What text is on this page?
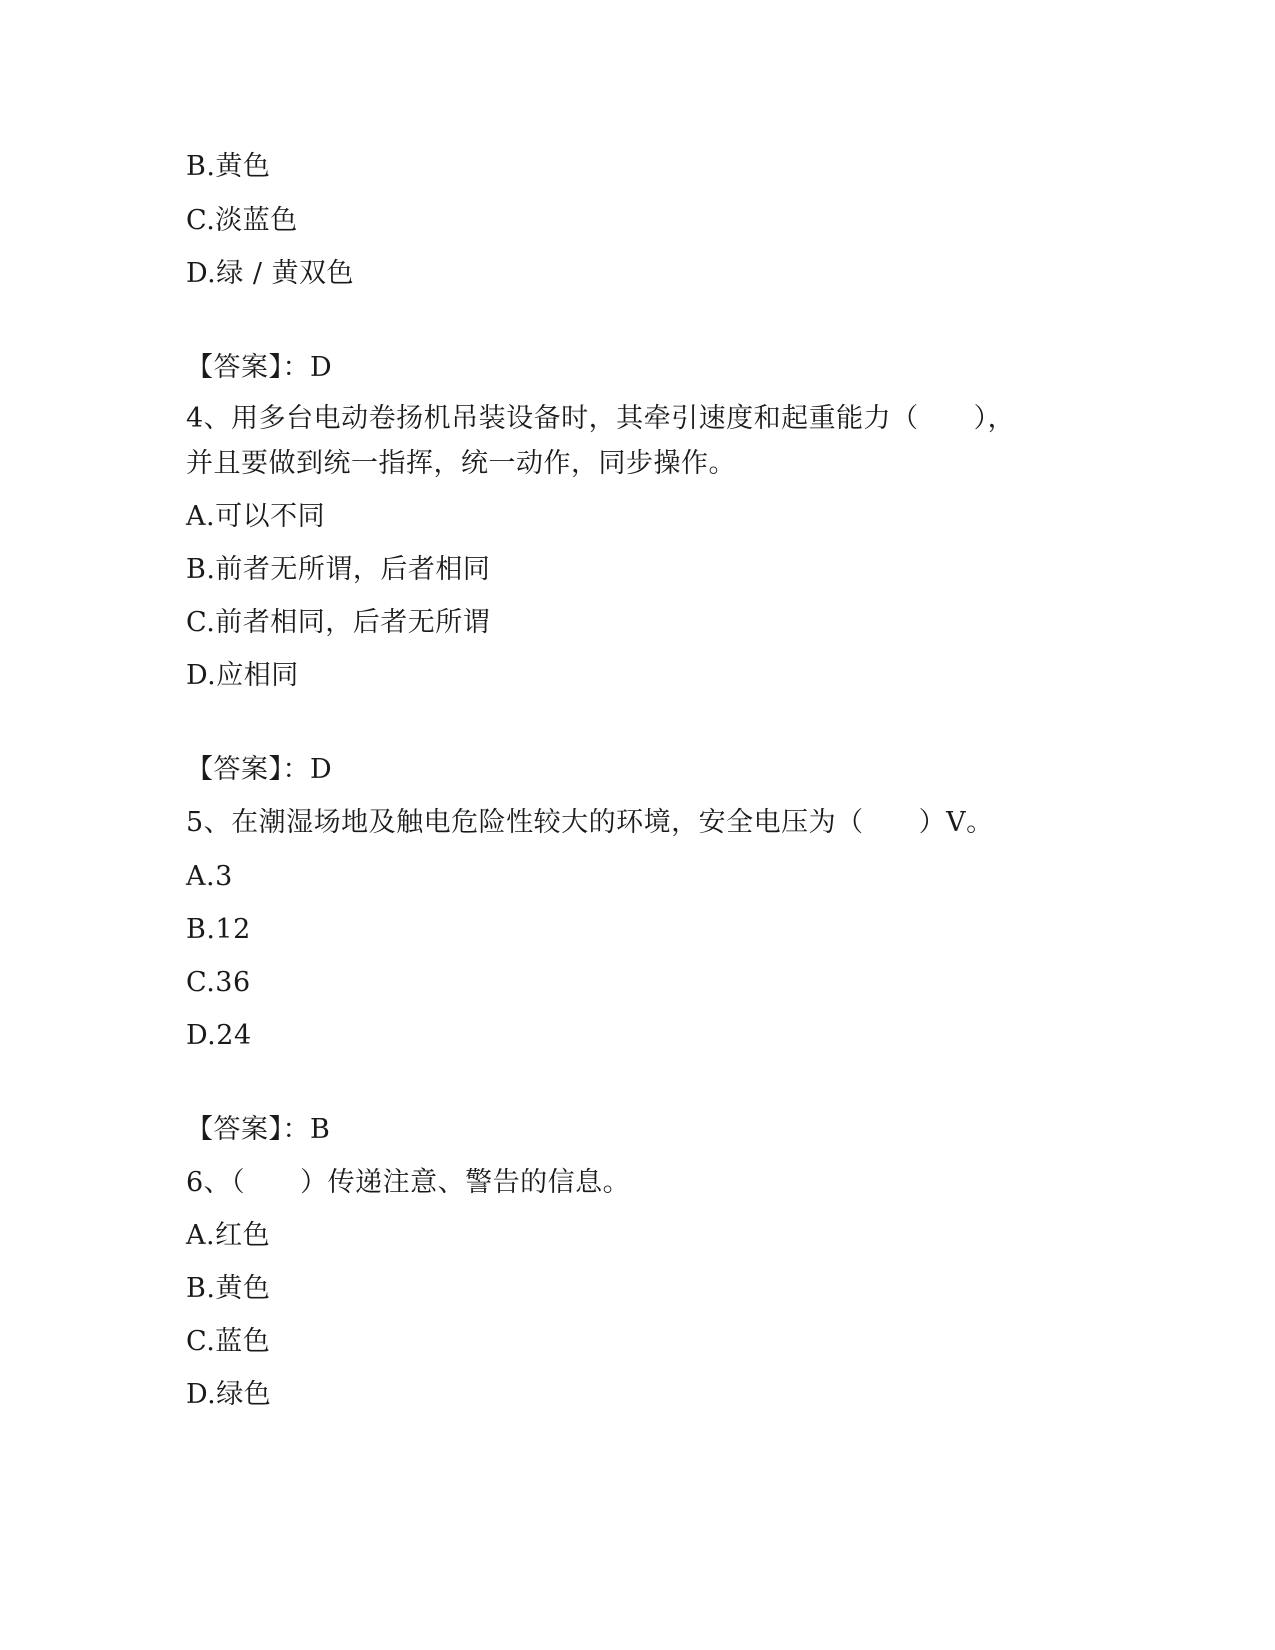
B.黄色
C.淡蓝色
D.绿 / 黄双色
【答案】：D
4、用多台电动卷扬机吊装设备时，其牵引速度和起重能力（　　），
并且要做到统一指挥，统一动作，同步操作。
A.可以不同
B.前者无所谓，后者相同
C.前者相同，后者无所谓
D.应相同
【答案】：D
5、在潮湿场地及触电危险性较大的环境，安全电压为（　　）V。
A.3
B.12
C.36
D.24
【答案】：B
6、（　　）传递注意、警告的信息。
A.红色
B.黄色
C.蓝色
D.绿色
